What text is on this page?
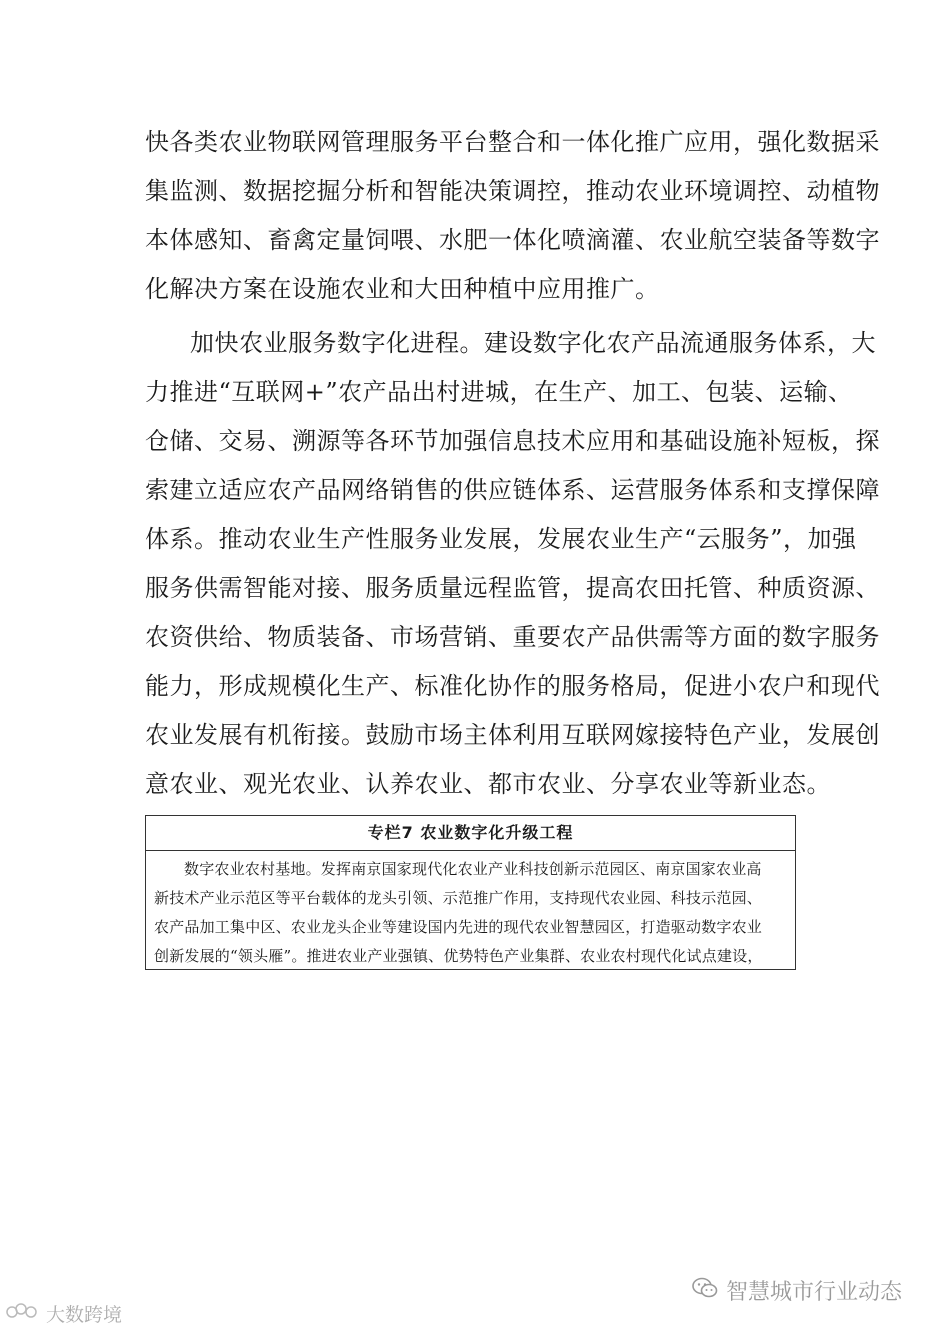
快各类农业物联网管理服务平台整合和一体化推广应用，强化数据采
集监测、数据挖掘分析和智能决策调控，推动农业环境调控、动植物
本体感知、畜禽定量饲喂、水肥一体化喷滴灌、农业航空装备等数字
化解决方案在设施农业和大田种植中应用推广。
加快农业服务数字化进程。建设数字化农产品流通服务体系，大
力推进“互联网+”农产品出村进城，在生产、加工、包装、运输、
仓储、交易、溯源等各环节加强信息技术应用和基础设施补短板，探
索建立适应农产品网络销售的供应链体系、运营服务体系和支撑保障
体系。推动农业生产性服务业发展，发展农业生产“云服务”，加强
服务供需智能对接、服务质量远程监管，提高农田托管、种质资源、
农资供给、物质装备、市场营销、重要农产品供需等方面的数字服务
能力，形成规模化生产、标准化协作的服务格局，促进小农户和现代
农业发展有机衔接。鼓励市场主体利用互联网嫁接特色产业，发展创
意农业、观光农业、认养农业、都市农业、分享农业等新业态。
专栏7 农业数字化升级工程
数字农业农村基地。发挥南京国家现代化农业产业科技创新示范园区、南京国家农业高
新技术产业示范区等平台载体的龙头引领、示范推广作用，支持现代农业园、科技示范园、
农产品加工集中区、农业龙头企业等建设国内先进的现代农业智慧园区，打造驱动数字农业
创新发展的“领头雁”。推进农业产业强镇、优势特色产业集群、农业农村现代化试点建设，
智慧城市行业动态
大数跨境
